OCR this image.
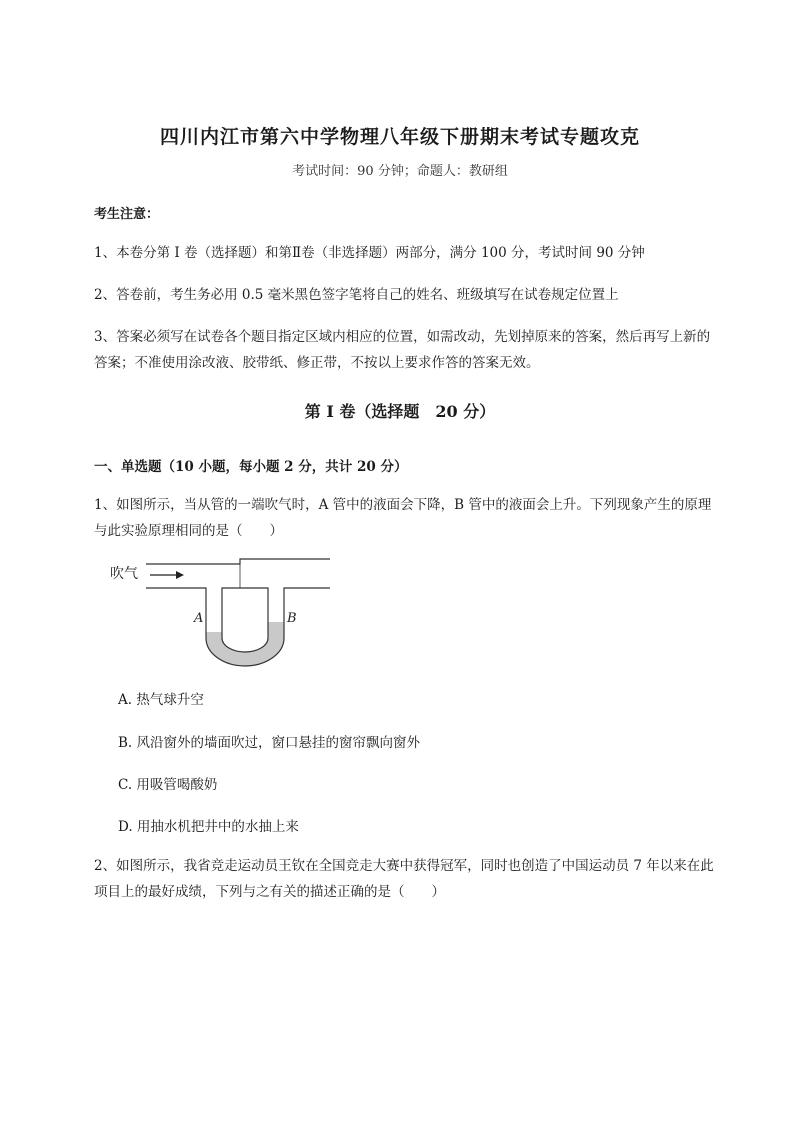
四川内江市第六中学物理八年级下册期末考试专题攻克
考试时间：90 分钟；命题人：教研组
考生注意：
1、本卷分第 I 卷（选择题）和第Ⅱ卷（非选择题）两部分，满分 100 分，考试时间 90 分钟
2、答卷前，考生务必用 0.5 毫米黑色签字笔将自己的姓名、班级填写在试卷规定位置上
3、答案必须写在试卷各个题目指定区域内相应的位置，如需改动，先划掉原来的答案，然后再写上新的答案；不准使用涂改液、胶带纸、修正带，不按以上要求作答的答案无效。
第 I 卷（选择题　20 分）
一、单选题（10 小题，每小题 2 分，共计 20 分）
1、如图所示，当从管的一端吹气时，A 管中的液面会下降，B 管中的液面会上升。下列现象产生的原理与此实验原理相同的是（　　）
吹气
A	B
A. 热气球升空
B. 风沿窗外的墙面吹过，窗口悬挂的窗帘飘向窗外
C. 用吸管喝酸奶
D. 用抽水机把井中的水抽上来
2、如图所示，我省竞走运动员王钦在全国竞走大赛中获得冠军，同时也创造了中国运动员 7 年以来在此项目上的最好成绩，下列与之有关的描述正确的是（　　）
